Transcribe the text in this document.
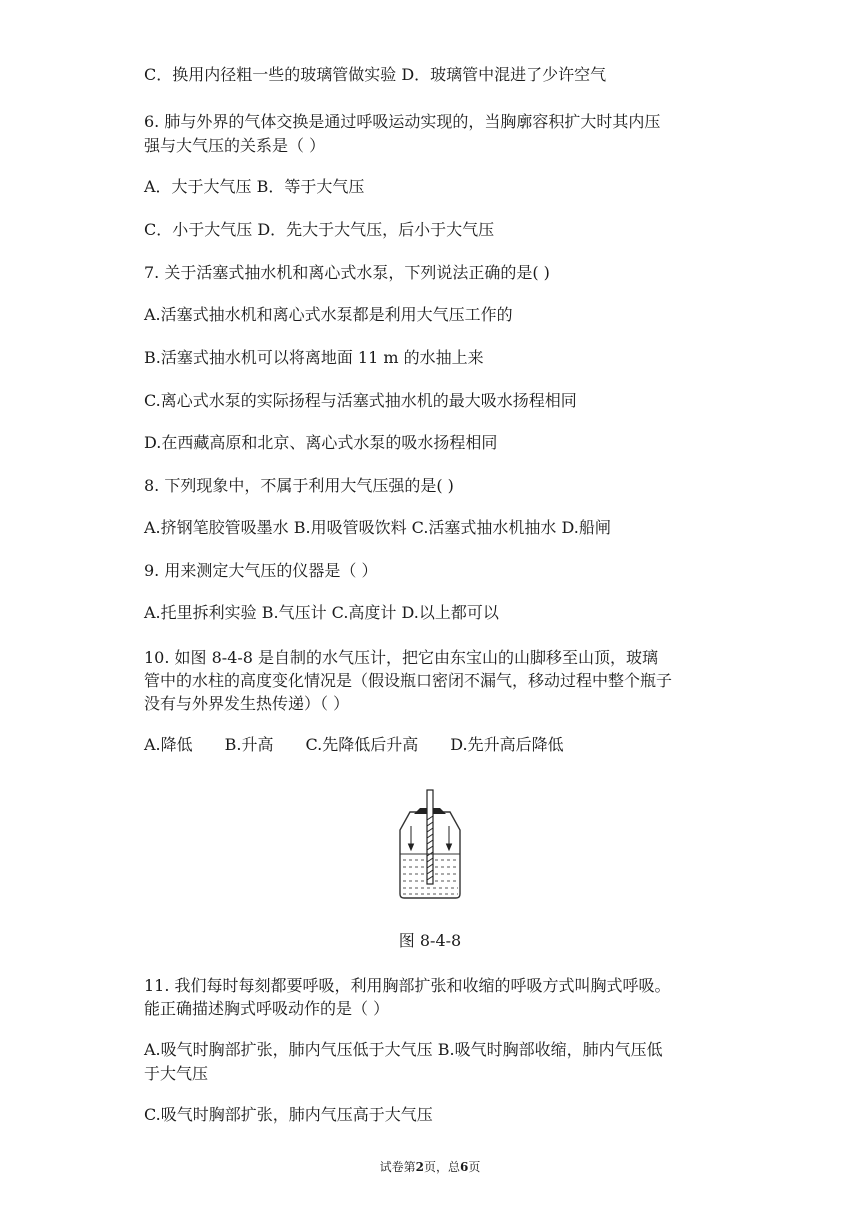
C．换用内径粗一些的玻璃管做实验 D．玻璃管中混进了少许空气
6. 肺与外界的气体交换是通过呼吸运动实现的，当胸廓容积扩大时其内压
强与大气压的关系是（ ）
A．大于大气压 B．等于大气压
C．小于大气压 D．先大于大气压，后小于大气压
7. 关于活塞式抽水机和离心式水泵，下列说法正确的是( )
A.活塞式抽水机和离心式水泵都是利用大气压工作的
B.活塞式抽水机可以将离地面 11 m 的水抽上来
C.离心式水泵的实际扬程与活塞式抽水机的最大吸水扬程相同
D.在西藏高原和北京、离心式水泵的吸水扬程相同
8. 下列现象中，不属于利用大气压强的是( )
A.挤钢笔胶管吸墨水 B.用吸管吸饮料 C.活塞式抽水机抽水 D.船闸
9. 用来测定大气压的仪器是（ ）
A.托里拆利实验 B.气压计 C.高度计 D.以上都可以
10. 如图 8-4-8 是自制的水气压计，把它由东宝山的山脚移至山顶，玻璃
管中的水柱的高度变化情况是（假设瓶口密闭不漏气，移动过程中整个瓶子
没有与外界发生热传递）（ ）
A.降低　　B.升高　　C.先降低后升高　　D.先升高后降低
图 8-4-8
11. 我们每时每刻都要呼吸，利用胸部扩张和收缩的呼吸方式叫胸式呼吸。
能正确描述胸式呼吸动作的是（ ）
A.吸气时胸部扩张，肺内气压低于大气压 B.吸气时胸部收缩，肺内气压低
于大气压
C.吸气时胸部扩张，肺内气压高于大气压
试卷第2页，总6页
